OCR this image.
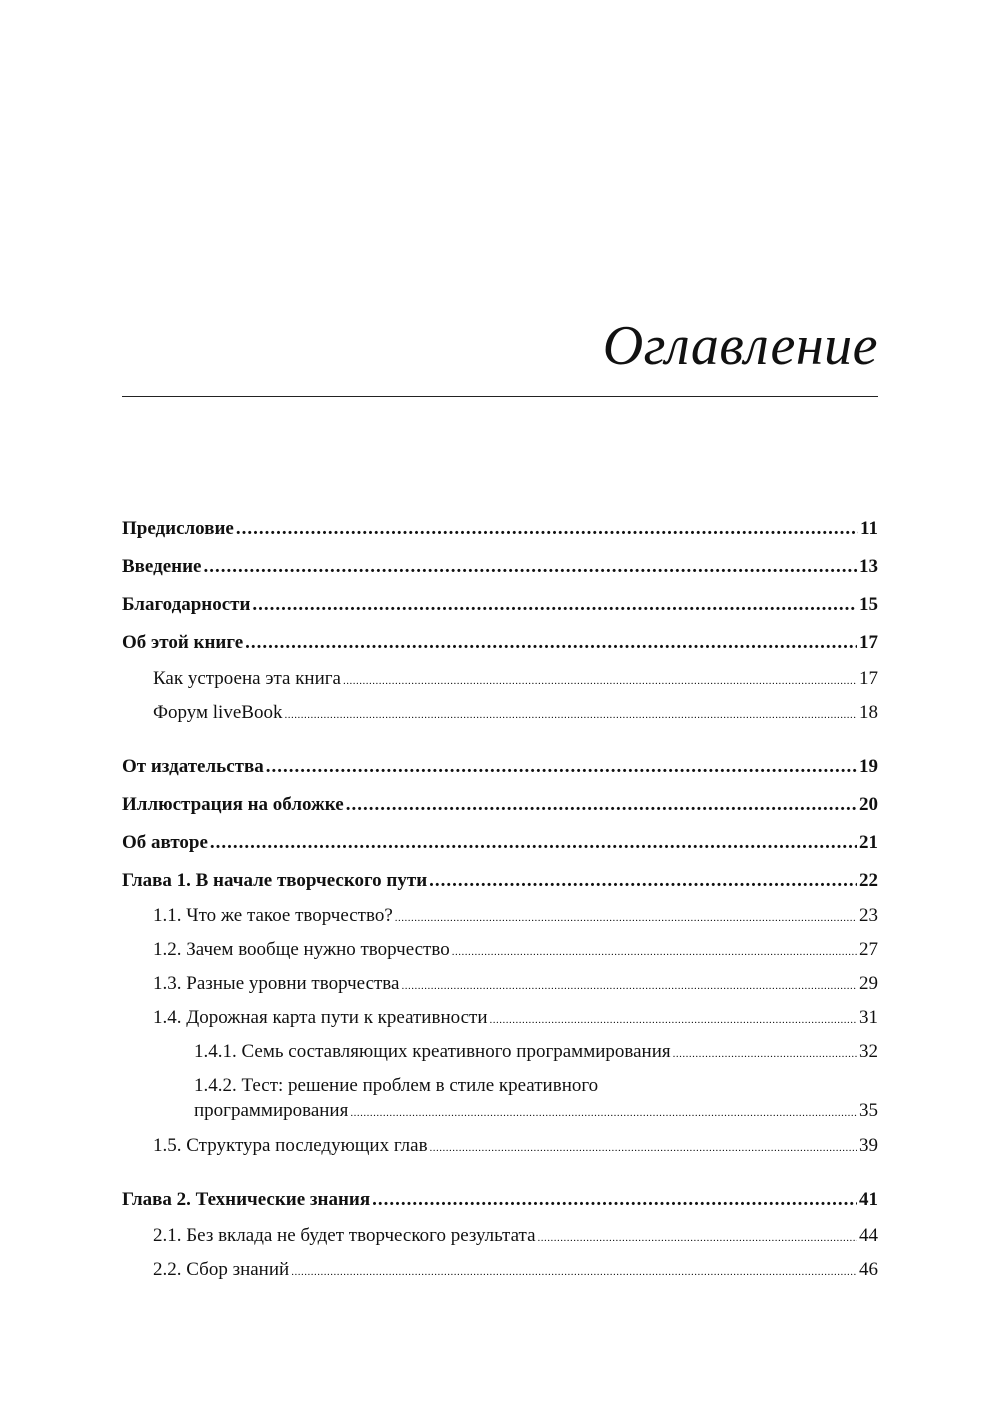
Оглавление
Предисловие .....	11
Введение .....	13
Благодарности .....	15
Об этой книге .....	17
Как устроена эта книга .....	17
Форум liveBook .....	18
От издательства .....	19
Иллюстрация на обложке .....	20
Об авторе .....	21
Глава 1. В начале творческого пути .....	22
1.1. Что же такое творчество? .....	23
1.2. Зачем вообще нужно творчество .....	27
1.3. Разные уровни творчества .....	29
1.4. Дорожная карта пути к креативности .....	31
1.4.1. Семь составляющих креативного программирования .....	32
1.4.2. Тест: решение проблем в стиле креативного
программирования .....	35
1.5. Структура последующих глав .....	39
Глава 2. Технические знания .....	41
2.1. Без вклада не будет творческого результата .....	44
2.2. Сбор знаний .....	46
